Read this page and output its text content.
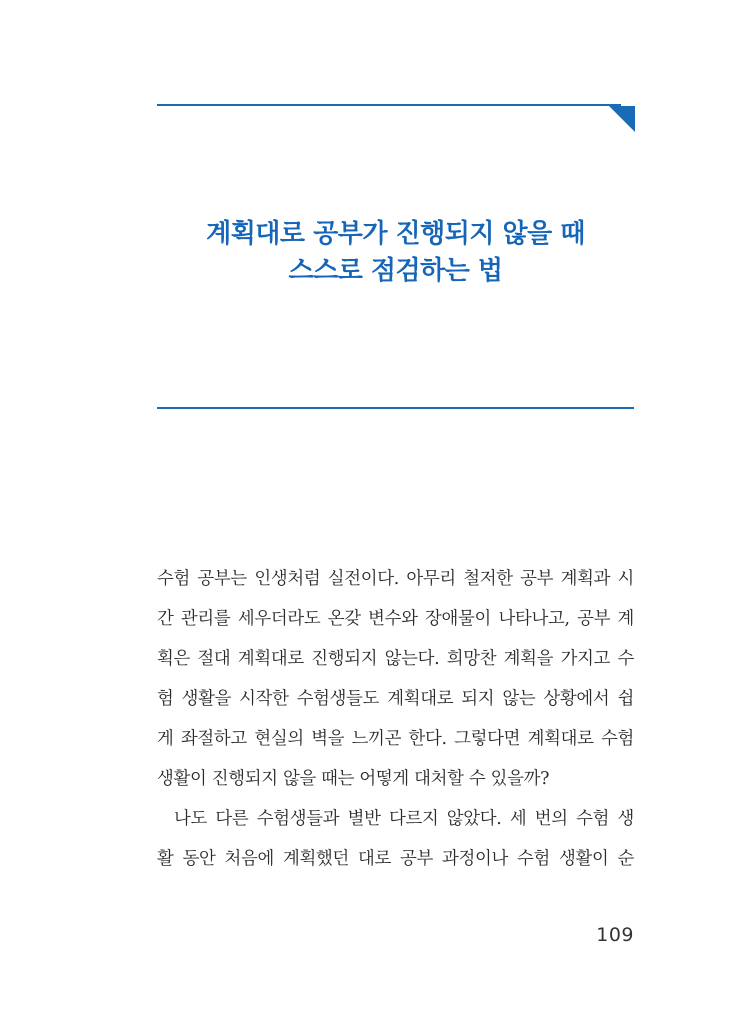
계획대로 공부가 진행되지 않을 때
스스로 점검하는 법
수험 공부는 인생처럼 실전이다. 아무리 철저한 공부 계획과 시
간 관리를 세우더라도 온갖 변수와 장애물이 나타나고, 공부 계
획은 절대 계획대로 진행되지 않는다. 희망찬 계획을 가지고 수
험 생활을 시작한 수험생들도 계획대로 되지 않는 상황에서 쉽
게 좌절하고 현실의 벽을 느끼곤 한다. 그렇다면 계획대로 수험
생활이 진행되지 않을 때는 어떻게 대처할 수 있을까?
나도 다른 수험생들과 별반 다르지 않았다. 세 번의 수험 생
활 동안 처음에 계획했던 대로 공부 과정이나 수험 생활이 순
109
